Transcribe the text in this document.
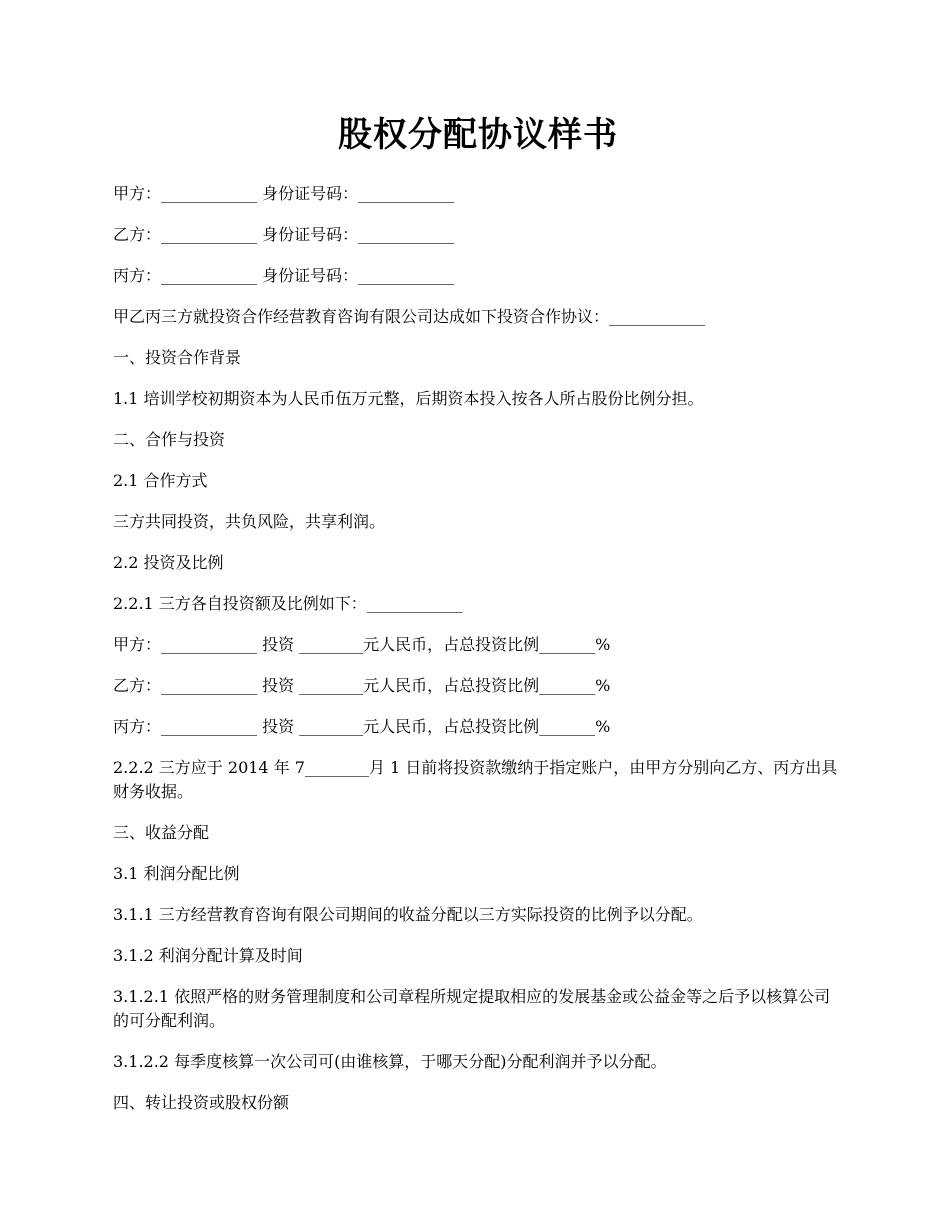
股权分配协议样书
甲方：____________ 身份证号码：____________
乙方：____________ 身份证号码：____________
丙方：____________ 身份证号码：____________
甲乙丙三方就投资合作经营教育咨询有限公司达成如下投资合作协议：____________
一、投资合作背景
1.1 培训学校初期资本为人民币伍万元整，后期资本投入按各人所占股份比例分担。
二、合作与投资
2.1 合作方式
三方共同投资，共负风险，共享利润。
2.2 投资及比例
2.2.1 三方各自投资额及比例如下：____________
甲方：____________ 投资 ________元人民币，占总投资比例_______%
乙方：____________ 投资 ________元人民币，占总投资比例_______%
丙方：____________ 投资 ________元人民币，占总投资比例_______%
2.2.2 三方应于 2014 年 7________月 1 日前将投资款缴纳于指定账户，由甲方分别向乙方、丙方出具财务收据。
三、收益分配
3.1 利润分配比例
3.1.1 三方经营教育咨询有限公司期间的收益分配以三方实际投资的比例予以分配。
3.1.2 利润分配计算及时间
3.1.2.1 依照严格的财务管理制度和公司章程所规定提取相应的发展基金或公益金等之后予以核算公司的可分配利润。
3.1.2.2 每季度核算一次公司可(由谁核算，于哪天分配)分配利润并予以分配。
四、转让投资或股权份额
